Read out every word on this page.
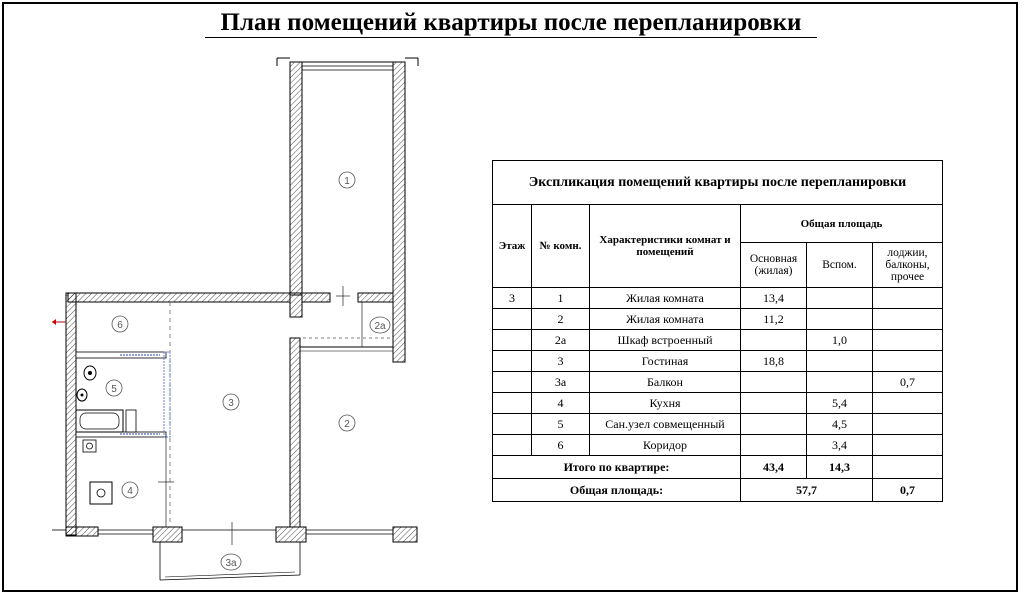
План помещений квартиры после перепланировки
1
2
2а
3
3а
4
5
6
Экспликация помещений квартиры после перепланировки					
Этаж	№ комн.	Характеристики комнат и помещений	Общая площадь		
			Основная (жилая)	Вспом.	лоджии, балконы, прочее
3	1	Жилая комната	13,4		
	2	Жилая комната	11,2		
	2а	Шкаф встроенный		1,0	
	3	Гостиная	18,8		
	3а	Балкон			0,7
	4	Кухня		5,4	
	5	Сан.узел совмещенный		4,5	
	6	Коридор		3,4	
Итого по квартире:			43,4	14,3	
Общая площадь:			57,7		0,7
